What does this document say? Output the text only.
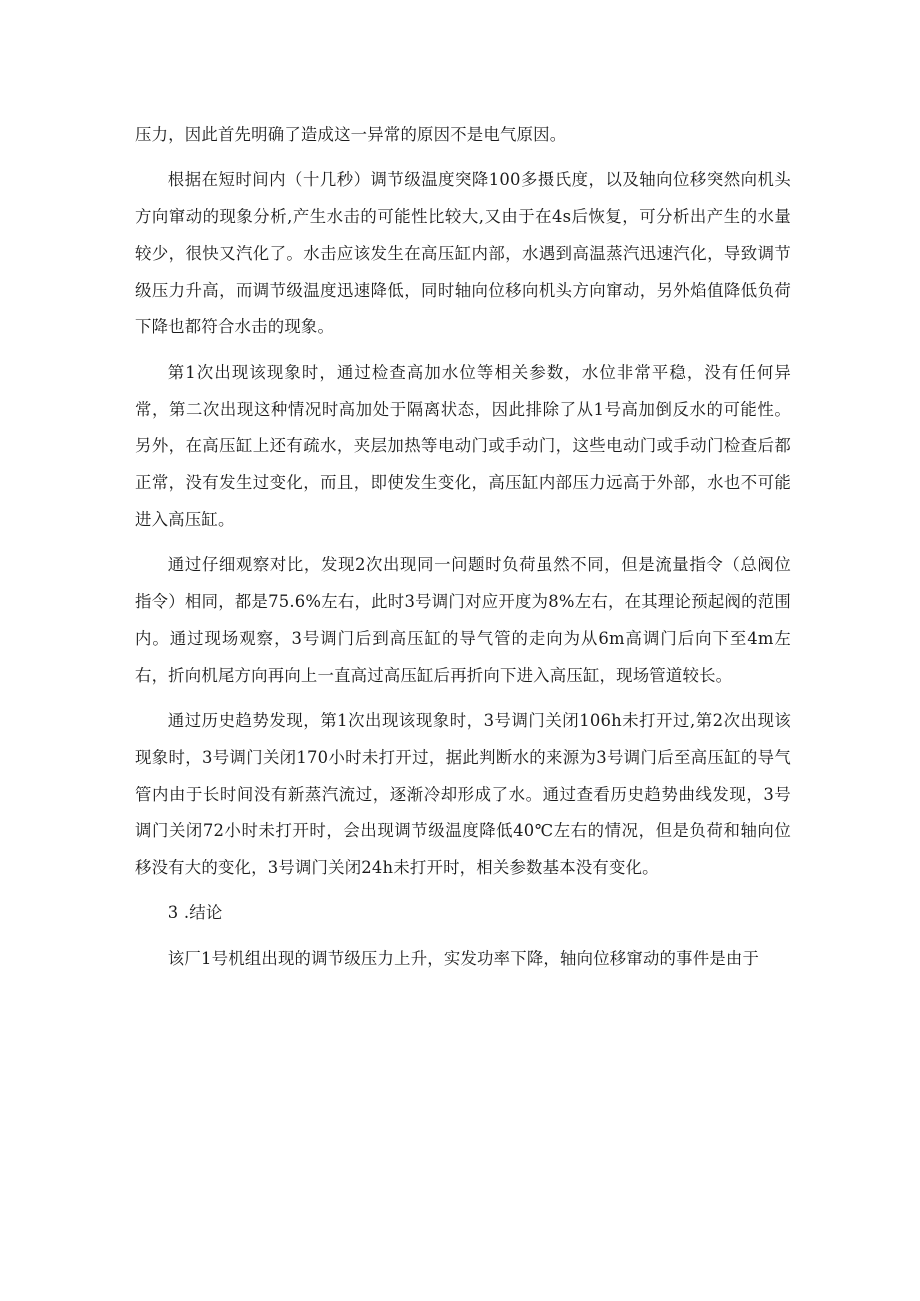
压力，因此首先明确了造成这一异常的原因不是电气原因。

根据在短时间内（十几秒）调节级温度突降100多摄氏度，以及轴向位移突然向机头方向窜动的现象分析,产生水击的可能性比较大,又由于在4s后恢复，可分析出产生的水量较少，很快又汽化了。水击应该发生在高压缸内部，水遇到高温蒸汽迅速汽化，导致调节级压力升高，而调节级温度迅速降低，同时轴向位移向机头方向窜动，另外焰值降低负荷下降也都符合水击的现象。

第1次出现该现象时，通过检查高加水位等相关参数，水位非常平稳，没有任何异常，第二次出现这种情况时高加处于隔离状态，因此排除了从1号高加倒反水的可能性。另外，在高压缸上还有疏水，夹层加热等电动门或手动门，这些电动门或手动门检查后都正常，没有发生过变化，而且，即使发生变化，高压缸内部压力远高于外部，水也不可能进入高压缸。

通过仔细观察对比，发现2次出现同一问题时负荷虽然不同，但是流量指令（总阀位指令）相同，都是75.6%左右，此时3号调门对应开度为8%左右，在其理论预起阀的范围内。通过现场观察，3号调门后到高压缸的导气管的走向为从6m高调门后向下至4m左右，折向机尾方向再向上一直高过高压缸后再折向下进入高压缸，现场管道较长。

通过历史趋势发现，第1次出现该现象时，3号调门关闭106h未打开过,第2次出现该现象时，3号调门关闭170小时未打开过，据此判断水的来源为3号调门后至高压缸的导气管内由于长时间没有新蒸汽流过，逐渐冷却形成了水。通过查看历史趋势曲线发现，3号调门关闭72小时未打开时，会出现调节级温度降低40℃左右的情况，但是负荷和轴向位移没有大的变化，3号调门关闭24h未打开时，相关参数基本没有变化。

3 .结论

该厂1号机组出现的调节级压力上升，实发功率下降，轴向位移窜动的事件是由于
